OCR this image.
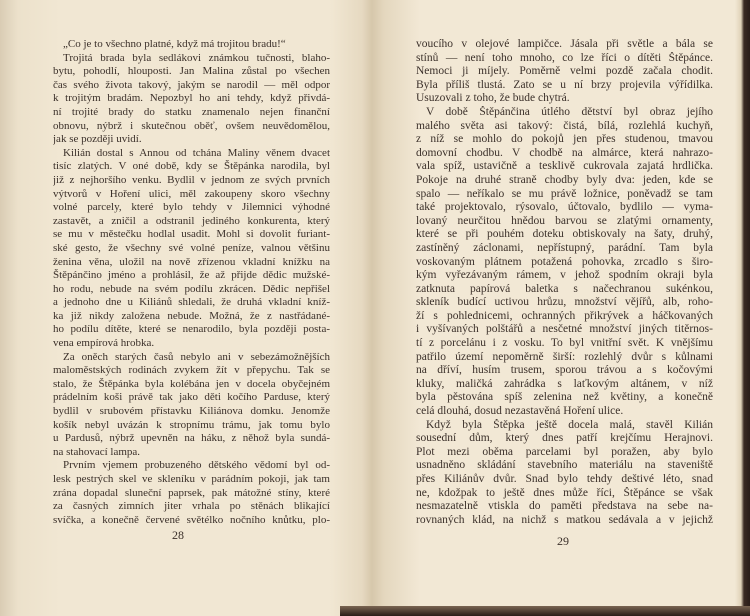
„Co je to všechno platné, když má trojitou bradu!“
Trojitá brada byla sedlákovi známkou tučnosti, blaho-
bytu, pohodlí, hlouposti. Jan Malina zůstal po všechen
čas svého života takový, jakým se narodil — měl odpor
k trojitým bradám. Nepozbyl ho ani tehdy, když přivdá-
ní trojité brady do statku znamenalo nejen finanční
obnovu, nýbrž i skutečnou oběť, ovšem neuvědomělou,
jak se později uvidí.
Kilián dostal s Annou od tchána Maliny věnem dvacet
tisíc zlatých. V oné době, kdy se Štěpánka narodila, byl
již z nejhoršího venku. Bydlil v jednom ze svých prvních
výtvorů v Hoření ulici, měl zakoupeny skoro všechny
volné parcely, které bylo tehdy v Jilemnici výhodné
zastavět, a zničil a odstranil jediného konkurenta, který
se mu v městečku hodlal usadit. Mohl si dovolit furiant-
ské gesto, že všechny své volné peníze, valnou většinu
ženina věna, uložil na nově zřízenou vkladní knížku na
Štěpánčino jméno a prohlásil, že až přijde dědic mužské-
ho rodu, nebude na svém podílu zkrácen. Dědic nepřišel
a jednoho dne u Kiliánů shledali, že druhá vkladní kníž-
ka již nikdy založena nebude. Možná, že z nastřádané-
ho podílu dítěte, které se nenarodilo, byla později posta-
vena empírová hrobka.
Za oněch starých časů nebylo ani v sebezámožnějších
maloměstských rodinách zvykem žít v přepychu. Tak se
stalo, že Štěpánka byla kolébána jen v docela obyčejném
prádelním koši právě tak jako děti kočího Parduse, který
bydlil v srubovém přístavku Kiliánova domku. Jenomže
košík nebyl uvázán k stropnímu trámu, jak tomu bylo
u Pardusů, nýbrž upevněn na háku, z něhož byla sundá-
na stahovací lampa.
Prvním vjemem probuzeného dětského vědomí byl od-
lesk pestrých skel ve skleníku v parádním pokoji, jak tam
zrána dopadal sluneční paprsek, pak mátožné stíny, které
za časných zimních jiter vrhala po stěnách blikající
svíčka, a konečně červené světélko nočního knůtku, plo-
28
voucího v olejové lampičce. Jásala při světle a bála se
stínů — není toho mnoho, co lze říci o dítěti Štěpánce.
Nemoci ji míjely. Poměrně velmi pozdě začala chodit.
Byla příliš tlustá. Zato se u ní brzy projevila výřídilka.
Usuzovali z toho, že bude chytrá.
V době Štěpánčina útlého dětství byl obraz jejího
malého světa asi takový: čistá, bílá, rozlehlá kuchyň,
z níž se mohlo do pokojů jen přes studenou, tmavou
domovní chodbu. V chodbě na almárce, která nahrazo-
vala spíž, ustavičně a tesklivě cukrovala zajatá hrdlička.
Pokoje na druhé straně chodby byly dva: jeden, kde se
spalo — neříkalo se mu právě ložnice, poněvadž se tam
také projektovalo, rýsovalo, účtovalo, bydlilo — vyma-
lovaný neurčitou hnědou barvou se zlatými ornamenty,
které se při pouhém doteku obtiskovaly na šaty, druhý,
zastíněný záclonami, nepřístupný, parádní. Tam byla
voskovaným plátnem potažená pohovka, zrcadlo s širo-
kým vyřezávaným rámem, v jehož spodním okraji byla
zatknuta papírová baletka s načechranou sukénkou,
skleník budící uctivou hrůzu, množství vějířů, alb, roho-
ží s pohlednicemi, ochranných přikrývek a háčkovaných
i vyšívaných polštářů a nesčetné množství jiných titěrnos-
tí z porcelánu i z vosku. To byl vnitřní svět. K vnějšímu
patřilo území nepoměrně širší: rozlehlý dvůr s kůlnami
na dříví, husím trusem, sporou trávou a s kočovými
kluky, maličká zahrádka s laťkovým altánem, v níž
byla pěstována spíš zelenina než květiny, a konečně
celá dlouhá, dosud nezastavěná Hoření ulice.
Když byla Štěpka ještě docela malá, stavěl Kilián
sousední dům, který dnes patří krejčímu Herajnovi.
Plot mezi oběma parcelami byl poražen, aby bylo
usnadněno skládání stavebního materiálu na staveniště
přes Kiliánův dvůr. Snad bylo tehdy deštivé léto, snad
ne, kdožpak to ještě dnes může říci, Štěpánce se však
nesmazatelně vtiskla do paměti představa na sebe na-
rovnaných klád, na nichž s matkou sedávala a v jejichž
29
